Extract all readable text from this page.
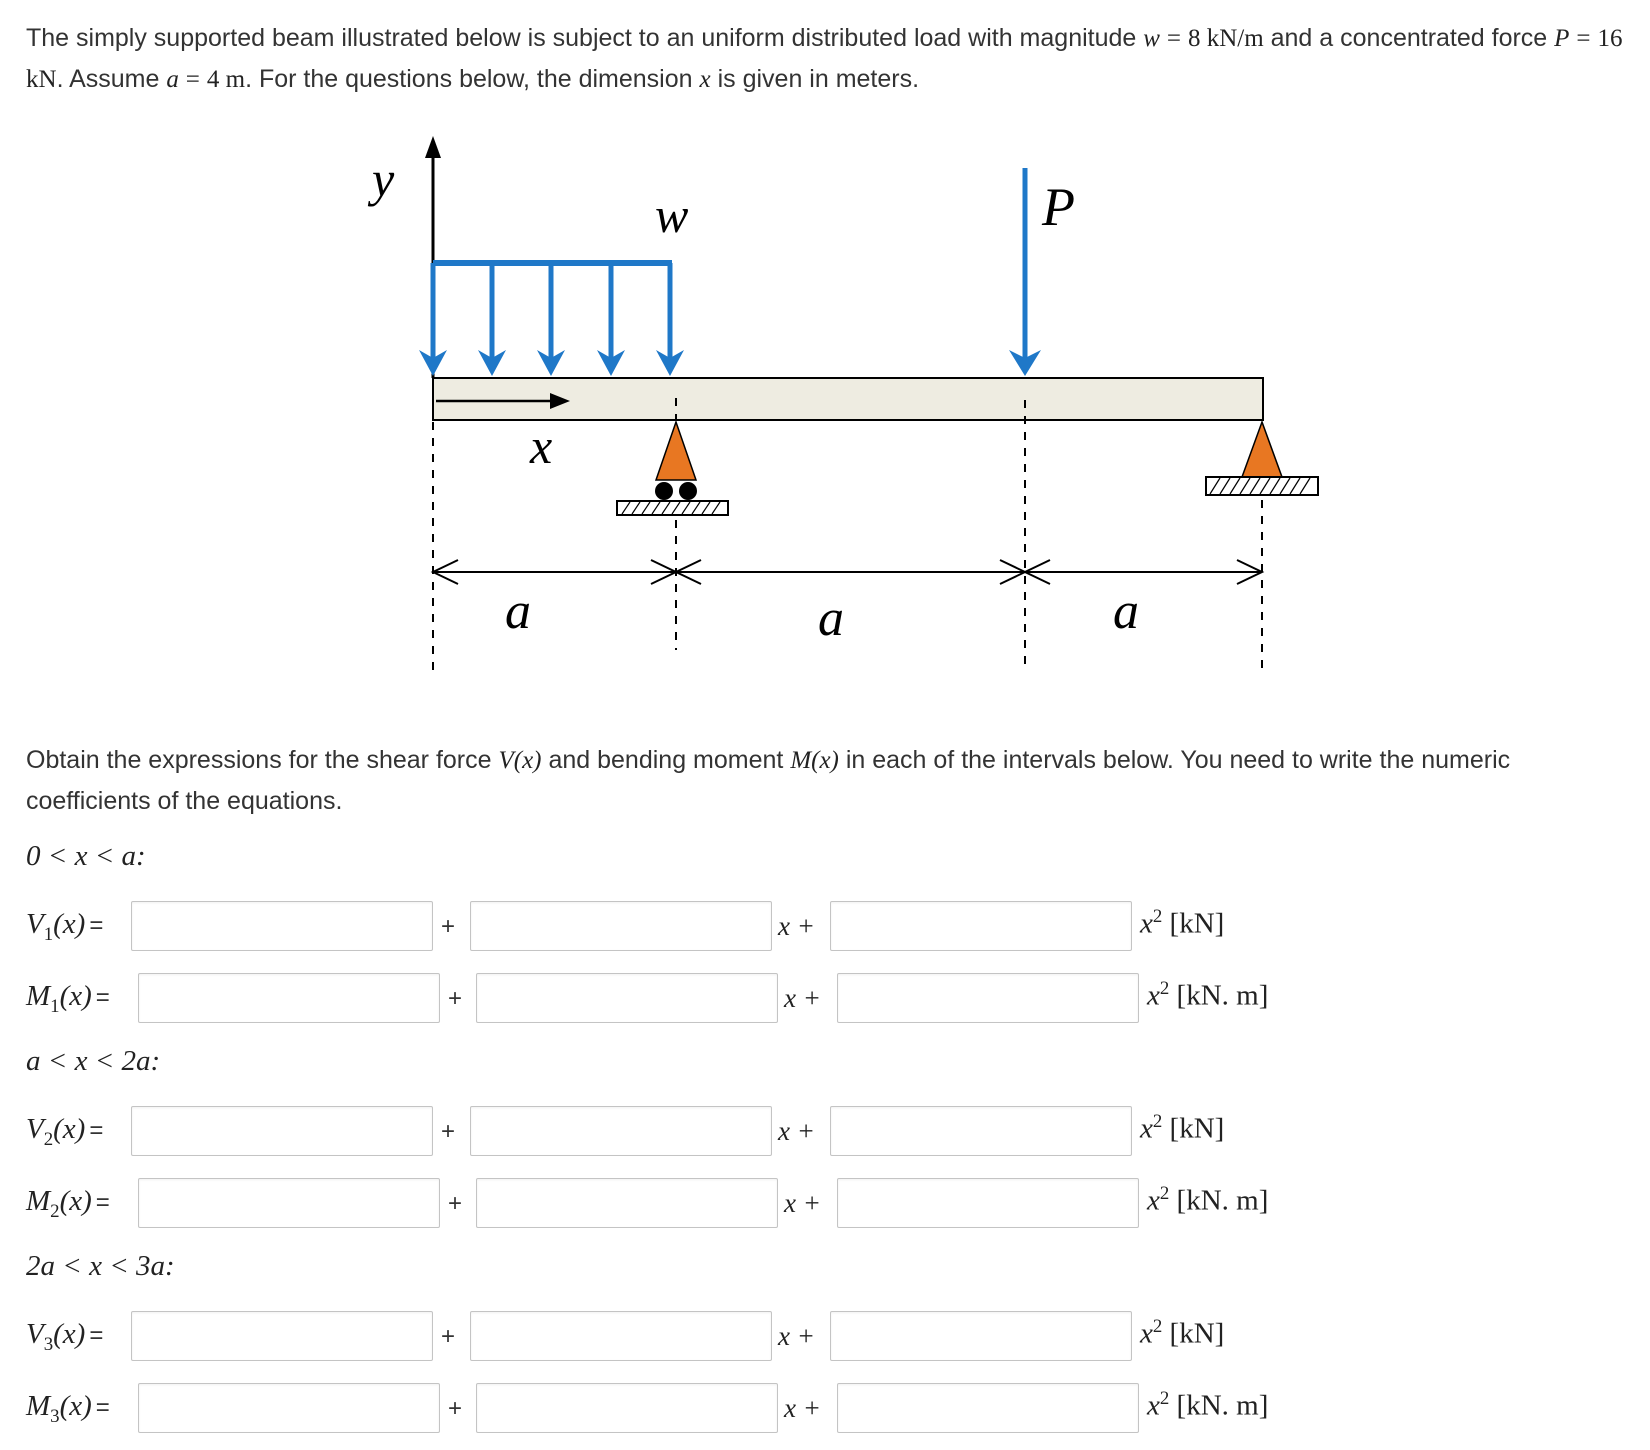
The simply supported beam illustrated below is subject to an uniform distributed load with magnitude w = 8 kN/m and a concentrated force P = 16 kN. Assume a = 4 m. For the questions below, the dimension x is given in meters.
y
w	P
x
a	a	a
Obtain the expressions for the shear force V(x) and bending moment M(x) in each of the intervals below. You need to write the numeric coefficients of the equations.
0 < x < a:
$V_1(x)$ =	+	x +	$x^2$ [kN]
$M_1(x)$ =	+	x +	$x^2$ [kN. m]
a < x < 2a:
$V_2(x)$ =	+	x +	$x^2$ [kN]
$M_2(x)$ =	+	x +	$x^2$ [kN. m]
2a < x < 3a:
$V_3(x)$ =	+	x +	$x^2$ [kN]
$M_3(x)$ =	+	x +	$x^2$ [kN. m]
